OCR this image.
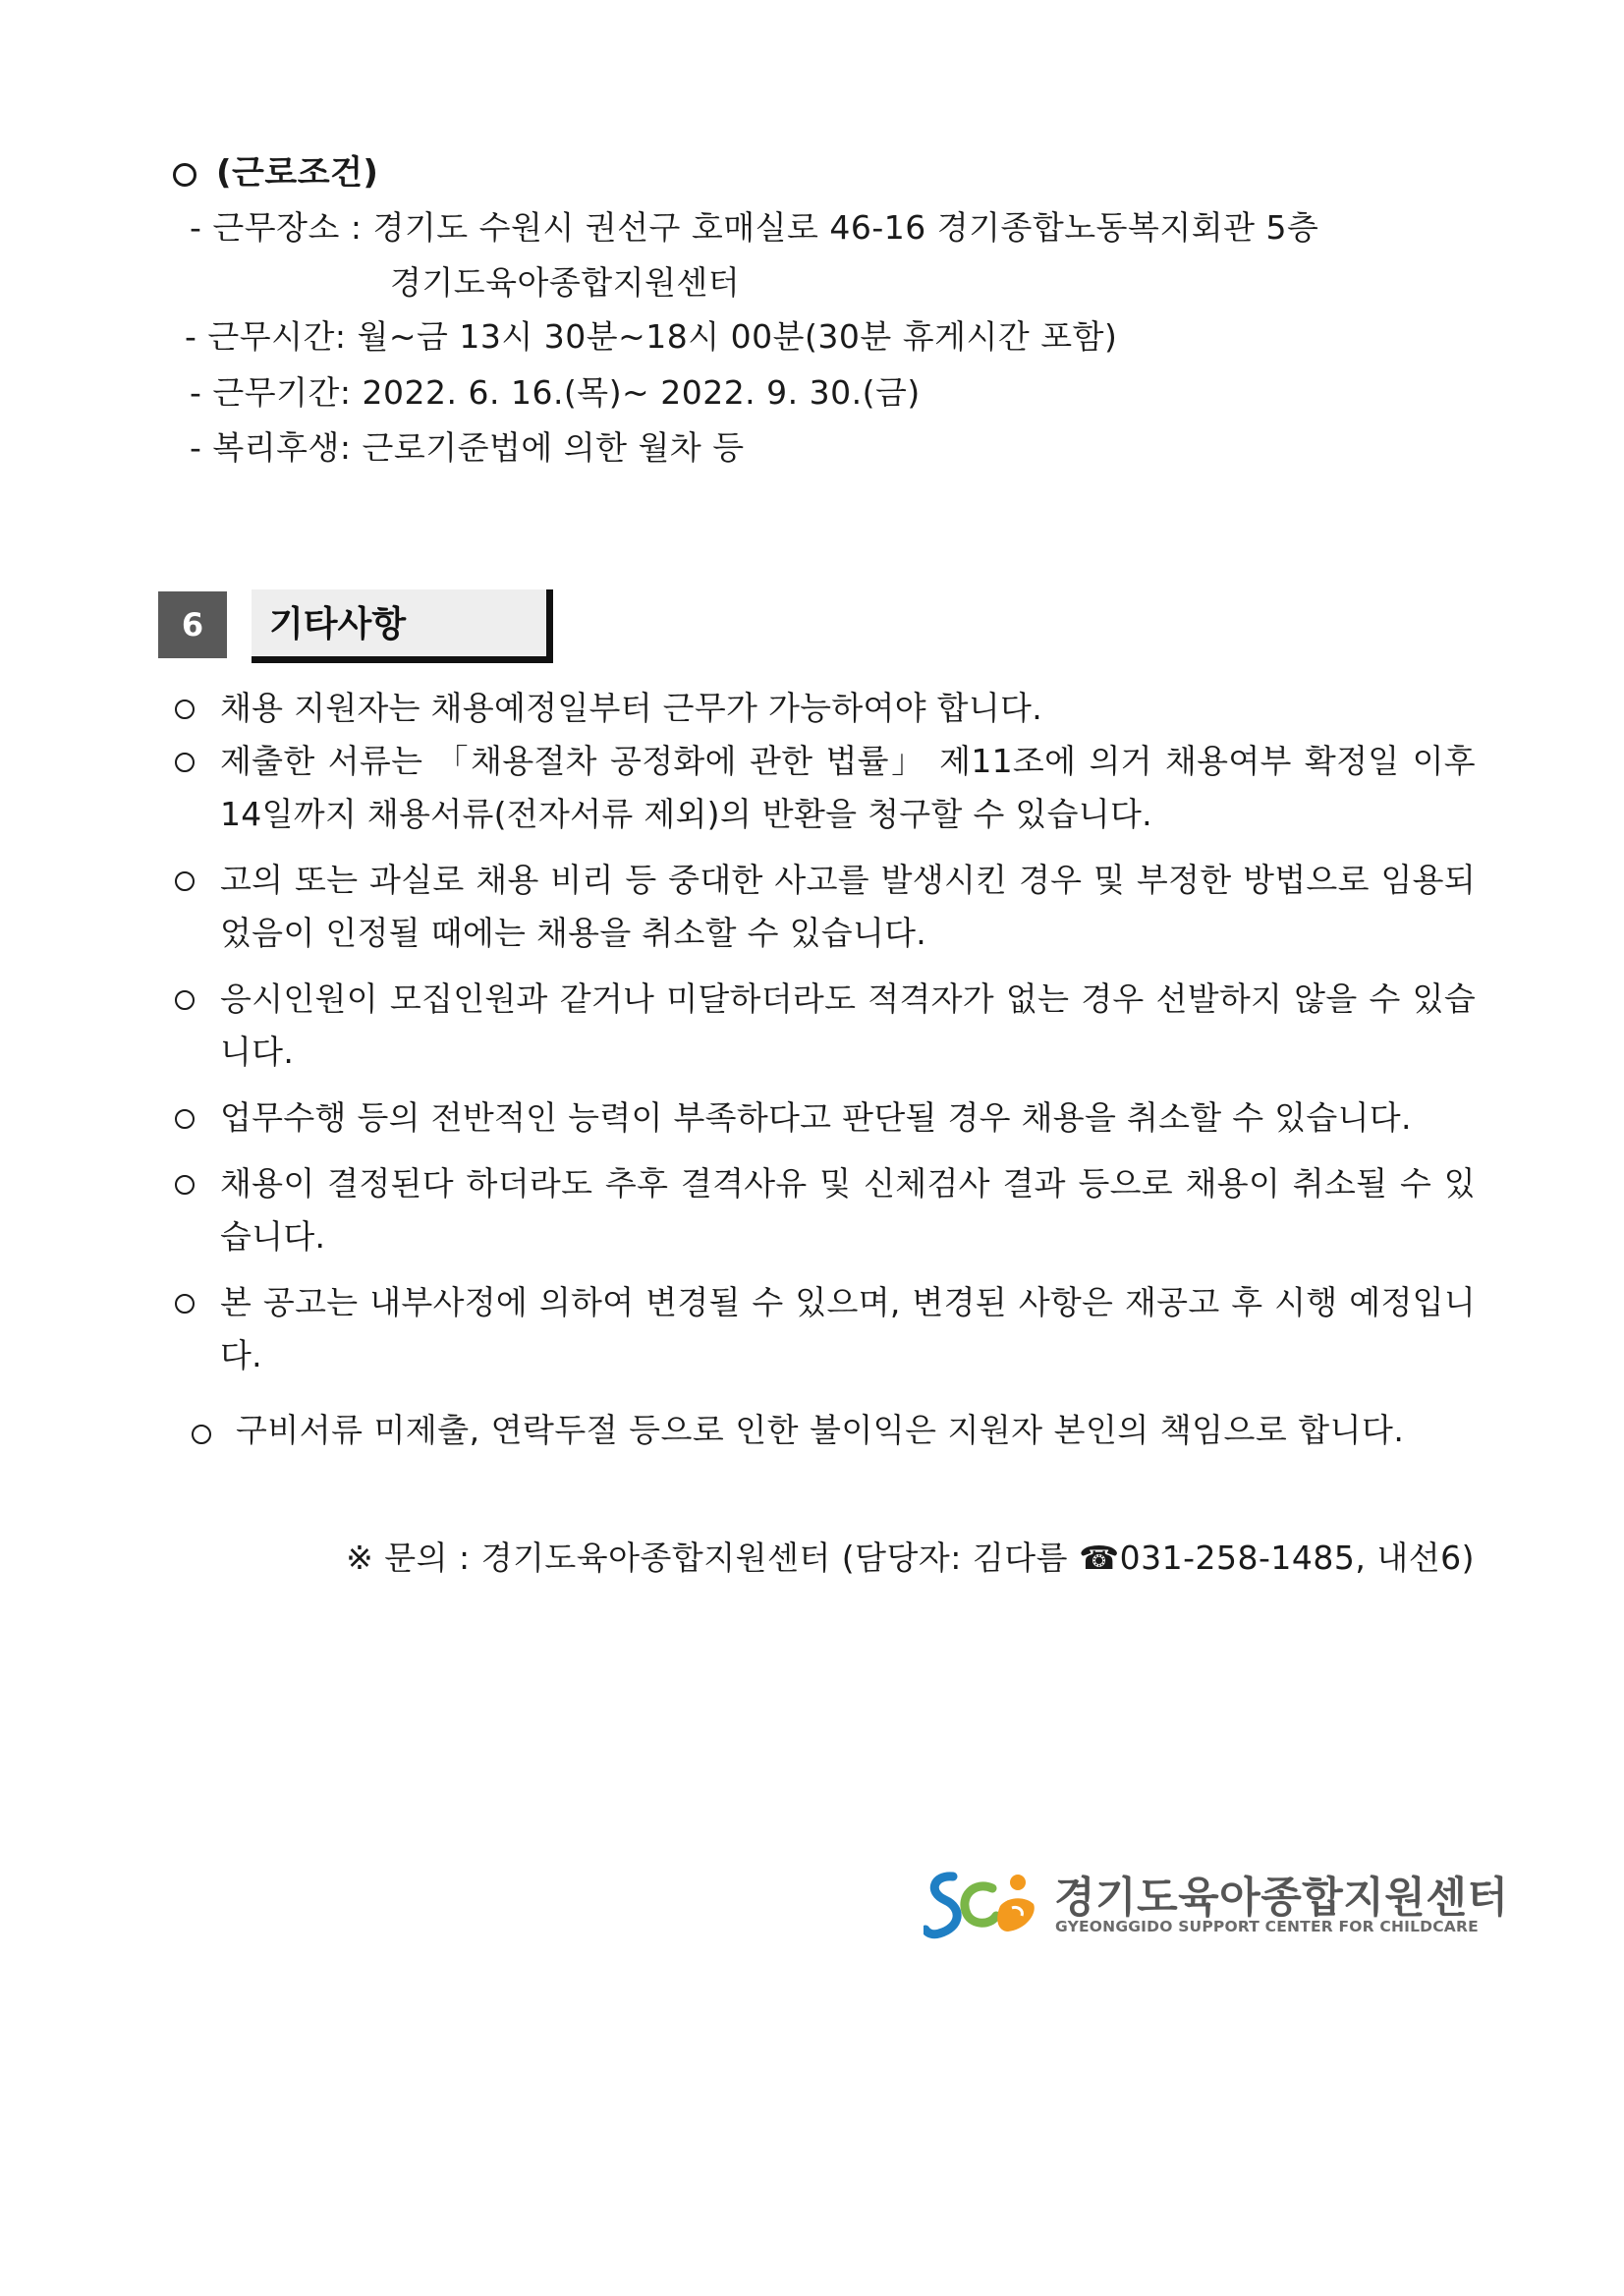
(근로조건)
- 근무장소 : 경기도 수원시 권선구 호매실로 46-16 경기종합노동복지회관 5층
경기도육아종합지원센터
- 근무시간: 월~금 13시 30분~18시 00분(30분 휴게시간 포함)
- 근무기간: 2022. 6. 16.(목)~ 2022. 9. 30.(금)
- 복리후생: 근로기준법에 의한 월차 등
6	기타사항
채용 지원자는 채용예정일부터 근무가 가능하여야 합니다.
제출한 서류는 「채용절차 공정화에 관한 법률」 제11조에 의거 채용여부 확정일 이후 14일까지 채용서류(전자서류 제외)의 반환을 청구할 수 있습니다.
고의 또는 과실로 채용 비리 등 중대한 사고를 발생시킨 경우 및 부정한 방법으로 임용되었음이 인정될 때에는 채용을 취소할 수 있습니다.
응시인원이 모집인원과 같거나 미달하더라도 적격자가 없는 경우 선발하지 않을 수 있습니다.
업무수행 등의 전반적인 능력이 부족하다고 판단될 경우 채용을 취소할 수 있습니다.
채용이 결정된다 하더라도 추후 결격사유 및 신체검사 결과 등으로 채용이 취소될 수 있습니다.
본 공고는 내부사정에 의하여 변경될 수 있으며, 변경된 사항은 재공고 후 시행 예정입니다.
구비서류 미제출, 연락두절 등으로 인한 불이익은 지원자 본인의 책임으로 합니다.
※ 문의 : 경기도육아종합지원센터 (담당자: 김다름 ☎031-258-1485, 내선6)
경기도육아종합지원센터
GYEONGGIDO SUPPORT CENTER FOR CHILDCARE
